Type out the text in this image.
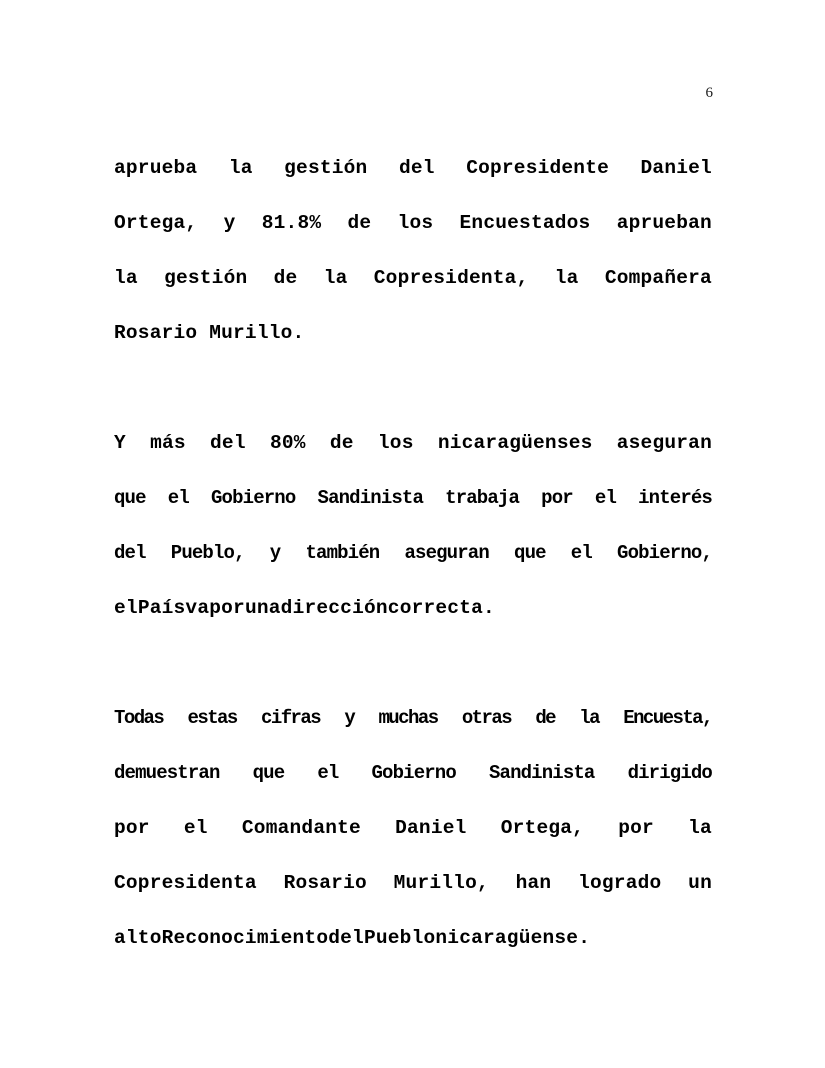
6
aprueba la gestión del Copresidente Daniel
Ortega, y 81.8% de los Encuestados aprueban
la gestión de la Copresidenta, la Compañera
Rosario Murillo.
Y más del 80% de los nicaragüenses aseguran
que el Gobierno Sandinista trabaja por el interés
del Pueblo, y también aseguran que el Gobierno,
el País va por una dirección correcta.
Todas estas cifras y muchas otras de la Encuesta,
demuestran que el Gobierno Sandinista dirigido
por el Comandante Daniel Ortega, por la
Copresidenta Rosario Murillo, han logrado un
alto Reconocimiento del Pueblo nicaragüense.
